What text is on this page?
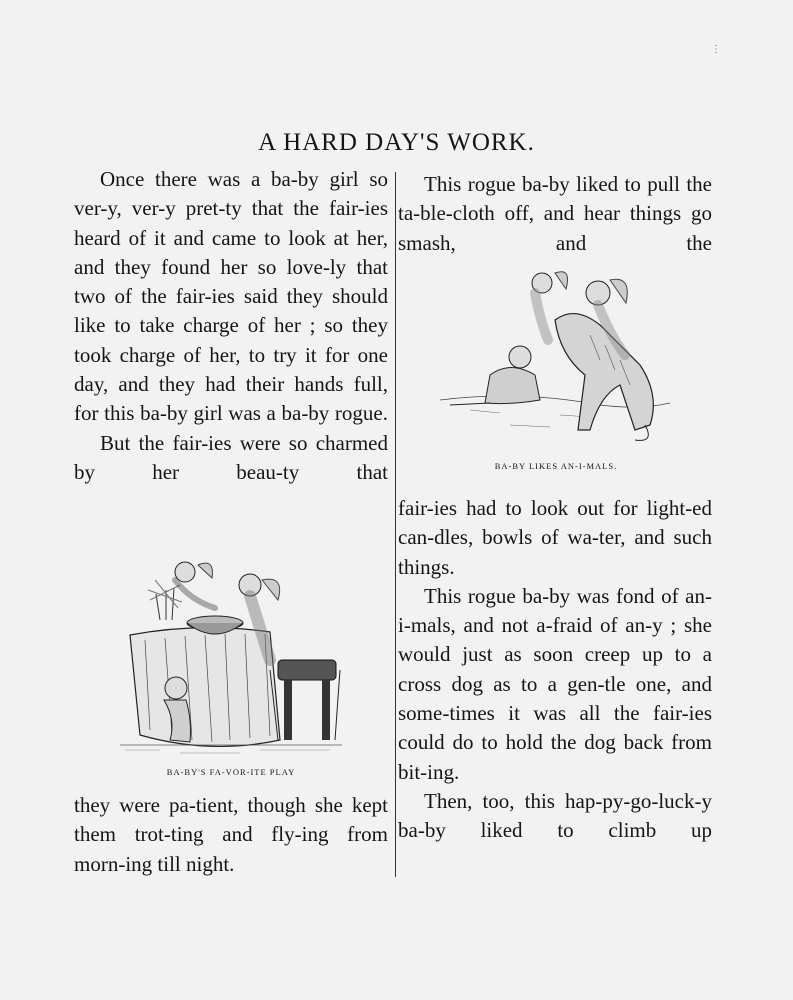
⋮
A HARD DAY'S WORK.

Once there was a ba-by girl so ver-y, ver-y pret-ty that the fair-ies heard of it and came to look at her, and they found her so love-ly that two of the fair-ies said they should like to take charge of her ; so they took charge of her, to try it for one day, and they had their hands full, for this ba-by girl was a ba-by rogue.

But the fair-ies were so charmed by her beau-ty that

BA-BY'S FA-VOR-ITE PLAY

they were pa-tient, though she kept them trot-ting and fly-ing from morn-ing till night.

This rogue ba-by liked to pull the ta-ble-cloth off, and hear things go smash, and the

BA-BY LIKES AN-I-MALS.

fair-ies had to look out for light-ed can-dles, bowls of wa-ter, and such things.

This rogue ba-by was fond of an-i-mals, and not a-fraid of an-y ; she would just as soon creep up to a cross dog as to a gen-tle one, and some-times it was all the fair-ies could do to hold the dog back from bit-ing.

Then, too, this hap-py-go-luck-y ba-by liked to climb up
